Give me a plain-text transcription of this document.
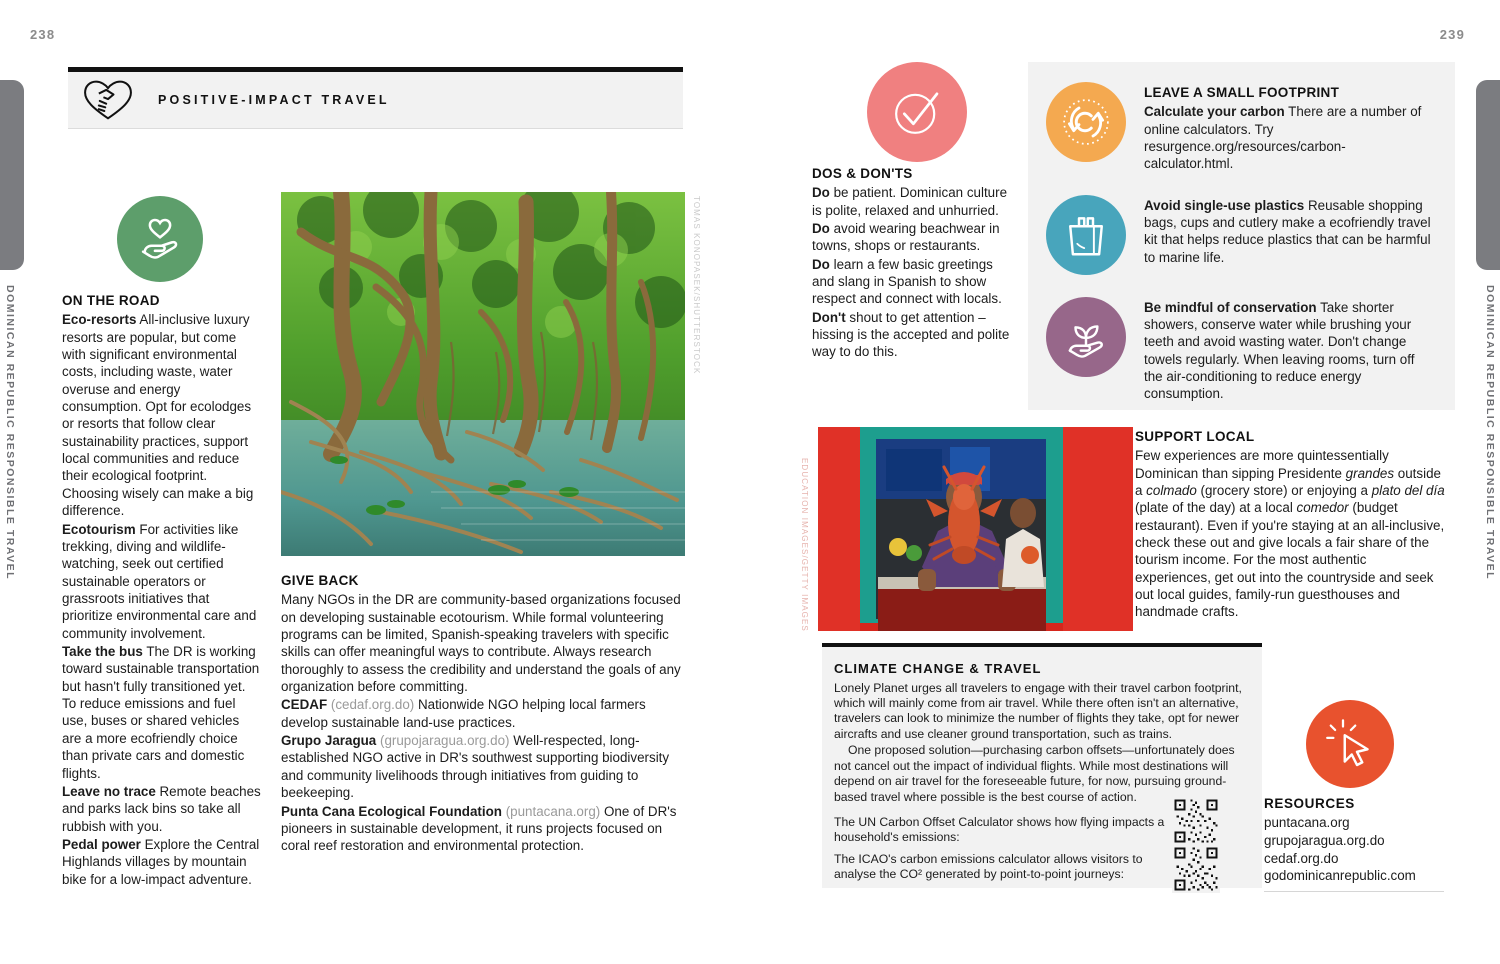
238	239
DOMINICAN REPUBLIC RESPONSIBLE TRAVEL	DOMINICAN REPUBLIC RESPONSIBLE TRAVEL
POSITIVE-IMPACT TRAVEL
ON THE ROAD

Eco-resorts All-inclusive luxury resorts are popular, but come with significant environmental costs, including waste, water overuse and energy consumption. Opt for ecolodges or resorts that follow clear sustainability practices, support local communities and reduce their ecological footprint. Choosing wisely can make a big difference.

Ecotourism For activities like trekking, diving and wildlife-watching, seek out certified sustainable operators or grassroots initiatives that prioritize environmental care and community involvement.

Take the bus The DR is working toward sustainable transportation but hasn't fully transitioned yet. To reduce emissions and fuel use, buses or shared vehicles are a more ecofriendly choice than private cars and domestic flights.

Leave no trace Remote beaches and parks lack bins so take all rubbish with you.

Pedal power Explore the Central Highlands villages by mountain bike for a low-impact adventure.

TOMAS KONOPASEK/SHUTTERSTOCK
GIVE BACK

Many NGOs in the DR are community-based organizations focused on developing sustainable ecotourism. While formal volunteering programs can be limited, Spanish-speaking travelers with specific skills can offer meaningful ways to contribute. Always research thoroughly to assess the credibility and understand the goals of any organization before committing.

CEDAF (cedaf.org.do) Nationwide NGO helping local farmers develop sustainable land-use practices.

Grupo Jaragua (grupojaragua.org.do) Well-respected, long-established NGO active in DR's southwest supporting biodiversity and community livelihoods through initiatives from guiding to beekeeping.

Punta Cana Ecological Foundation (puntacana.org) One of DR's pioneers in sustainable development, it runs projects focused on coral reef restoration and environmental protection.

DOS & DON'TS

Do be patient. Dominican culture is polite, relaxed and unhurried.

Do avoid wearing beachwear in towns, shops or restaurants.

Do learn a few basic greetings and slang in Spanish to show respect and connect with locals.

Don't shout to get attention – hissing is the accepted and polite way to do this.

LEAVE A SMALL FOOTPRINT

Calculate your carbon There are a number of online calculators. Try resurgence.org/resources/carbon-calculator.html.

Avoid single-use plastics Reusable shopping bags, cups and cutlery make a ecofriendly travel kit that helps reduce plastics that can be harmful to marine life.

Be mindful of conservation Take shorter showers, conserve water while brushing your teeth and avoid wasting water. Don't change towels regularly. When leaving rooms, turn off the air-conditioning to reduce energy consumption.

EDUCATION IMAGES/GETTY IMAGES
SUPPORT LOCAL

Few experiences are more quintessentially Dominican than sipping Presidente grandes outside a colmado (grocery store) or enjoying a plato del día (plate of the day) at a local comedor (budget restaurant). Even if you're staying at an all-inclusive, check these out and give locals a fair share of the tourism income. For the most authentic experiences, get out into the countryside and seek out local guides, family-run guesthouses and handmade crafts.

CLIMATE CHANGE & TRAVEL

Lonely Planet urges all travelers to engage with their travel carbon footprint, which will mainly come from air travel. While there often isn't an alternative, travelers can look to minimize the number of flights they take, opt for newer aircrafts and use cleaner ground transportation, such as trains.

One proposed solution—purchasing carbon offsets—unfortunately does not cancel out the impact of individual flights. While most destinations will depend on air travel for the foreseeable future, for now, pursuing ground-based travel where possible is the best course of action.

The UN Carbon Offset Calculator shows how flying impacts a household's emissions:

The ICAO's carbon emissions calculator allows visitors to analyse the CO² generated by point-to-point journeys:

RESOURCES
puntacana.org
grupojaragua.org.do
cedaf.org.do
godominicanrepublic.com
